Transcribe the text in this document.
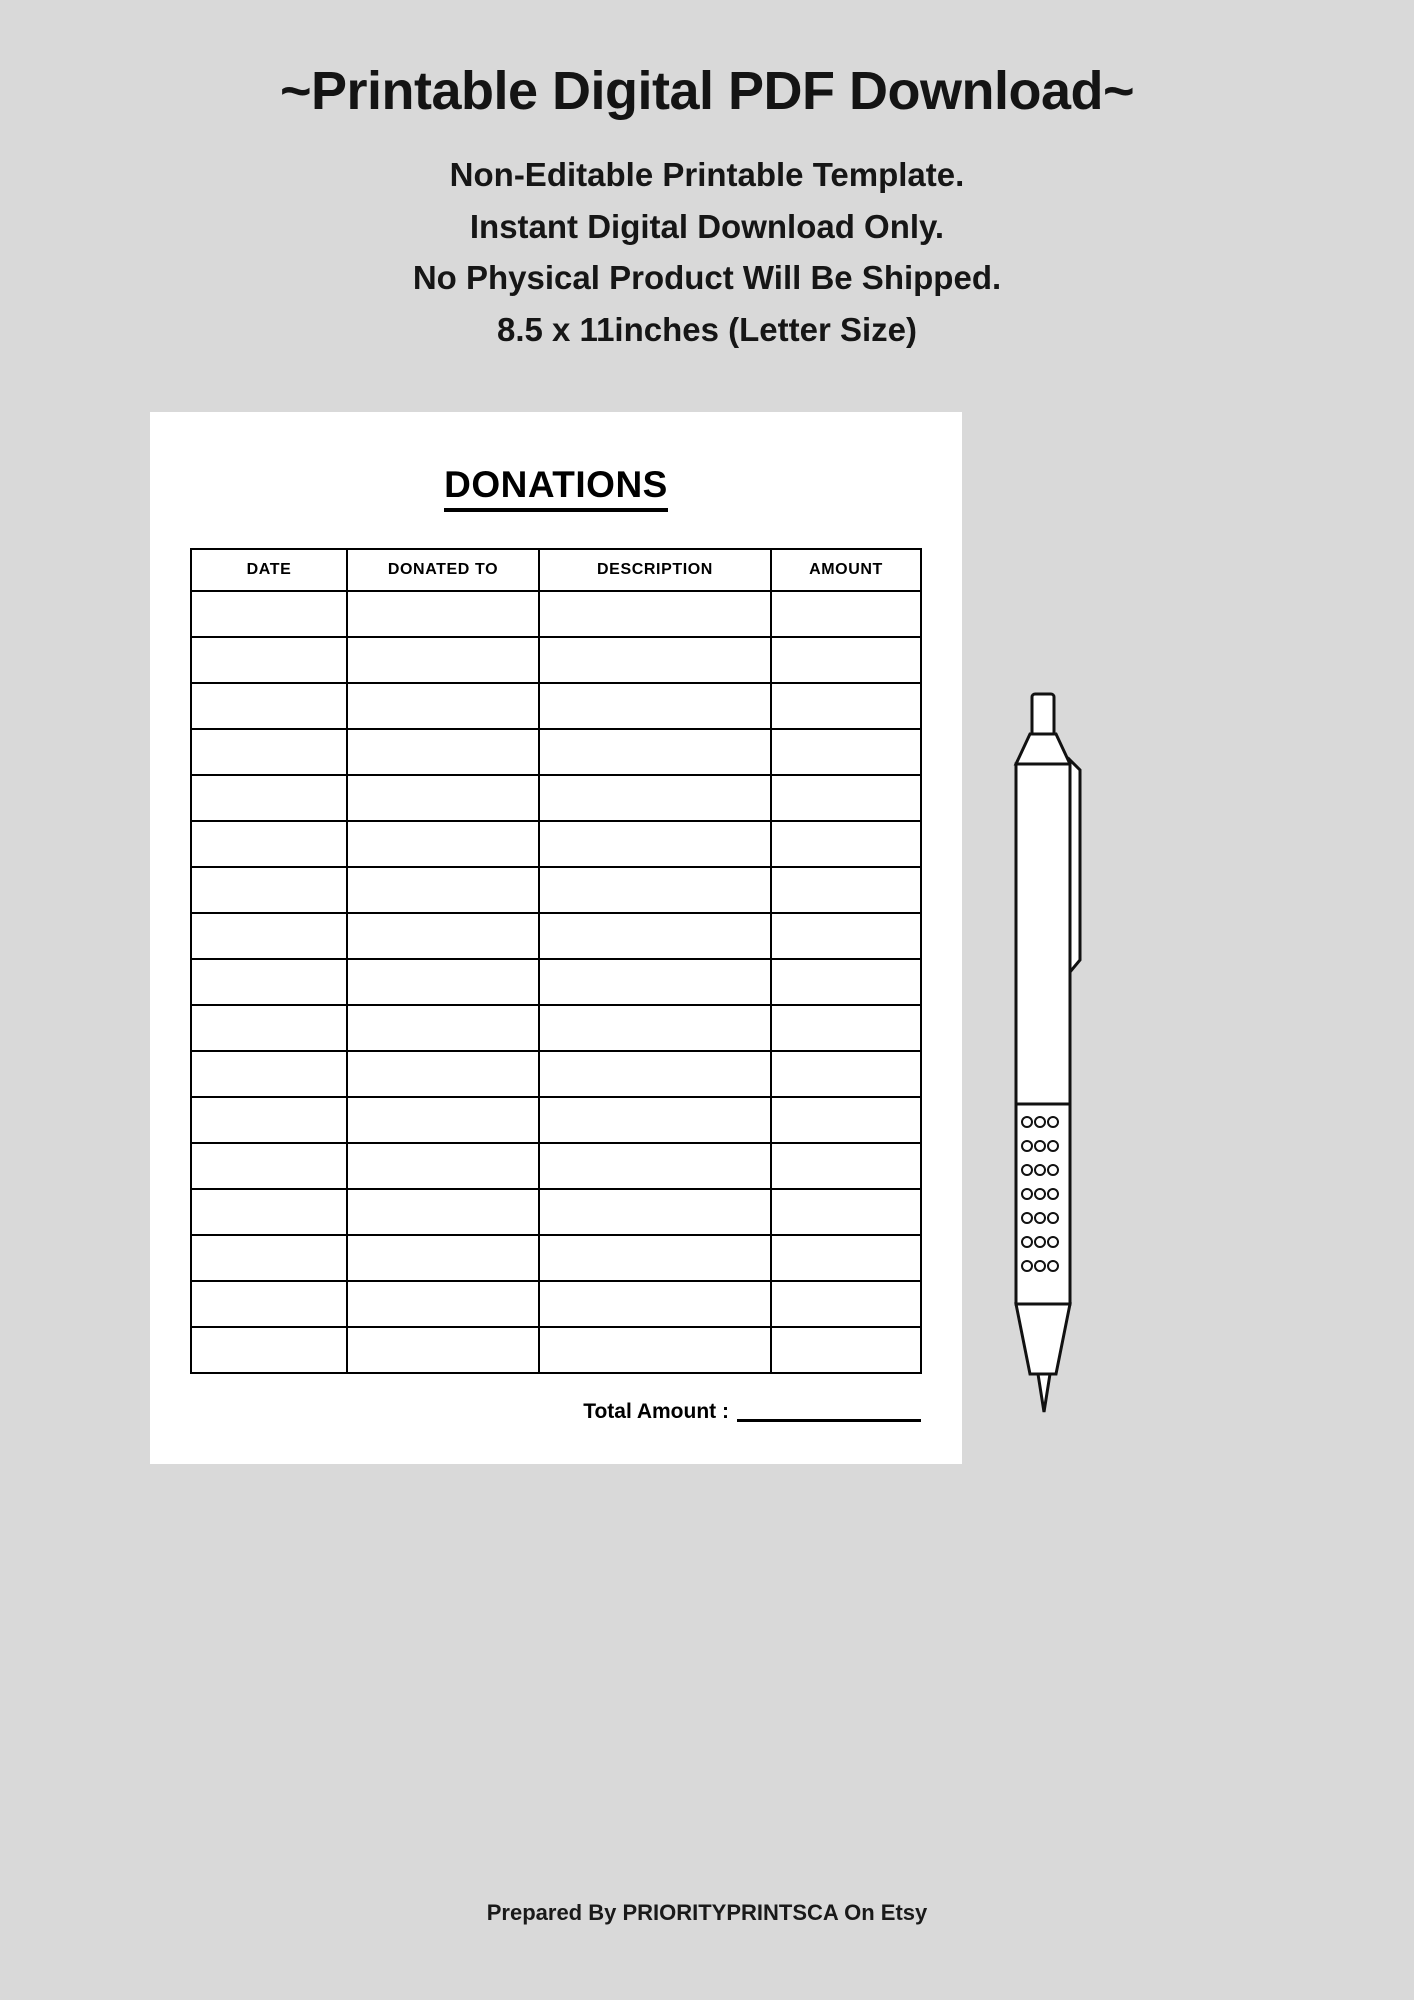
~Printable Digital PDF Download~
Non-Editable Printable Template.
Instant Digital Download Only.
No Physical Product Will Be Shipped.
8.5 x 11inches (Letter Size)
DONATIONS
DATE	DONATED TO	DESCRIPTION	AMOUNT

Total Amount :
Prepared By PRIORITYPRINTSCA On Etsy
